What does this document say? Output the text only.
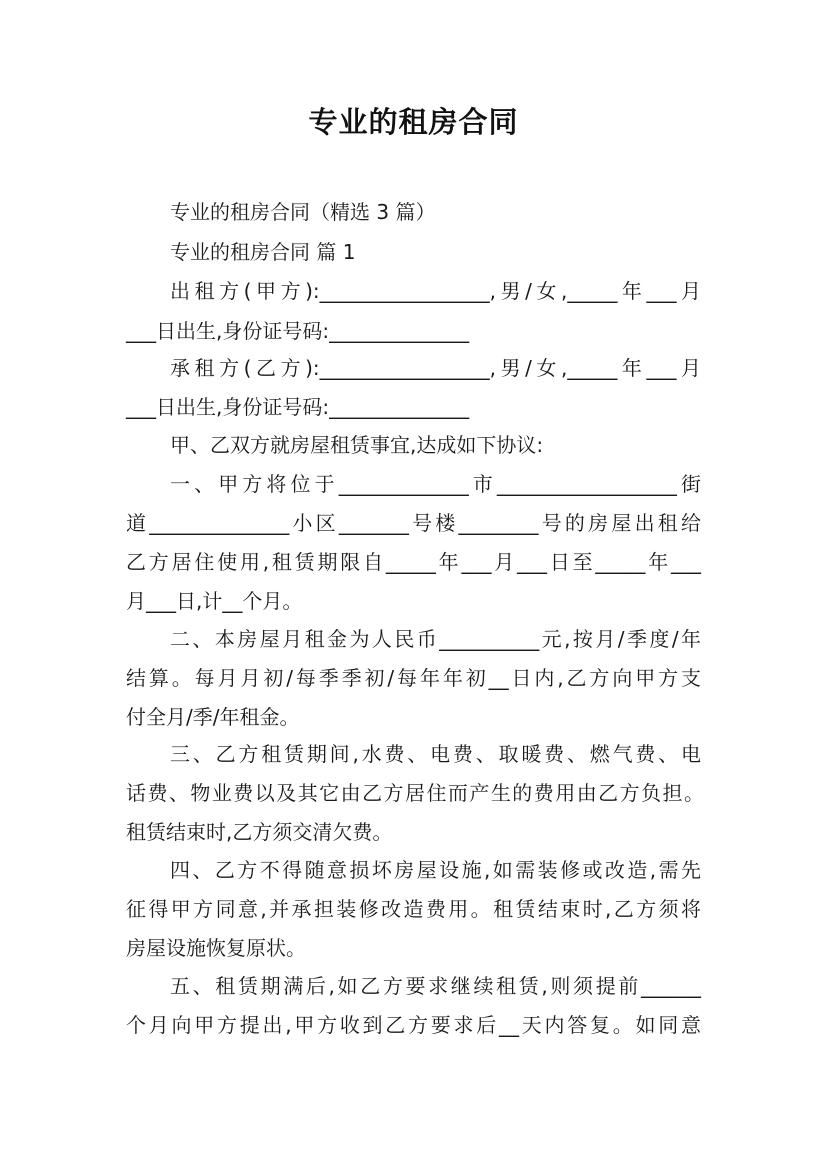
专业的租房合同
专业的租房合同（精选 3 篇）
专业的租房合同 篇 1
出租方(甲方):_________________,男/女,_____年___月
___日出生,身份证号码:______________
承租方(乙方):_________________,男/女,_____年___月
___日出生,身份证号码:______________
甲、乙双方就房屋租赁事宜,达成如下协议:
一、甲方将位于_____________市__________________街
道______________小区_______号楼________号的房屋出租给
乙方居住使用,租赁期限自_____年___月___日至_____年___
月___日,计__个月。
二、本房屋月租金为人民币__________元,按月/季度/年
结算。每月月初/每季季初/每年年初__日内,乙方向甲方支
付全月/季/年租金。
三、乙方租赁期间,水费、电费、取暖费、燃气费、电
话费、物业费以及其它由乙方居住而产生的费用由乙方负担。
租赁结束时,乙方须交清欠费。
四、乙方不得随意损坏房屋设施,如需装修或改造,需先
征得甲方同意,并承担装修改造费用。租赁结束时,乙方须将
房屋设施恢复原状。
五、租赁期满后,如乙方要求继续租赁,则须提前______
个月向甲方提出,甲方收到乙方要求后__天内答复。如同意
